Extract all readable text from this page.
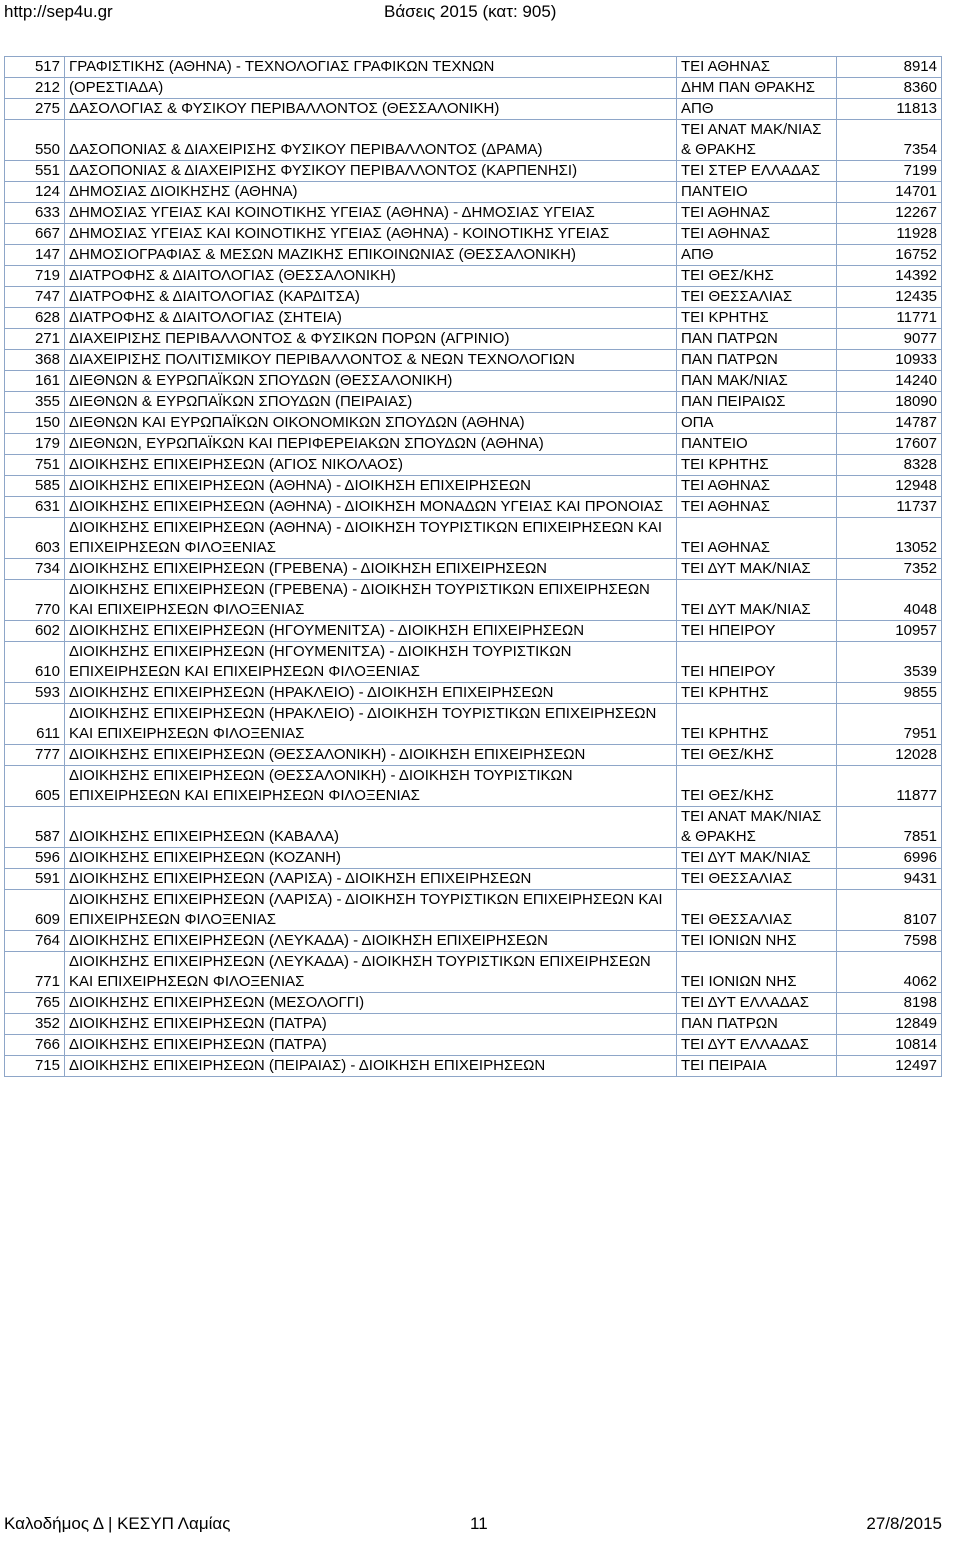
http://sep4u.gr	Βάσεις 2015 (κατ: 905)
517	ΓΡΑΦΙΣΤΙΚΗΣ (ΑΘΗΝΑ) - ΤΕΧΝΟΛΟΓΙΑΣ ΓΡΑΦΙΚΩΝ ΤΕΧΝΩΝ	ΤΕΙ ΑΘΗΝΑΣ	8914
212	(ΟΡΕΣΤΙΑΔΑ)	ΔΗΜ ΠΑΝ ΘΡΑΚΗΣ	8360
275	ΔΑΣΟΛΟΓΙΑΣ & ΦΥΣΙΚΟΥ ΠΕΡΙΒΑΛΛΟΝΤΟΣ (ΘΕΣΣΑΛΟΝΙΚΗ)	ΑΠΘ	11813
550	ΔΑΣΟΠΟΝΙΑΣ & ΔΙΑΧΕΙΡΙΣΗΣ ΦΥΣΙΚΟΥ ΠΕΡΙΒΑΛΛΟΝΤΟΣ (ΔΡΑΜΑ)	ΤΕΙ ΑΝΑΤ ΜΑΚ/ΝΙΑΣ & ΘΡΑΚΗΣ	7354
551	ΔΑΣΟΠΟΝΙΑΣ & ΔΙΑΧΕΙΡΙΣΗΣ ΦΥΣΙΚΟΥ ΠΕΡΙΒΑΛΛΟΝΤΟΣ (ΚΑΡΠΕΝΗΣΙ)	ΤΕΙ ΣΤΕΡ ΕΛΛΑΔΑΣ	7199
124	ΔΗΜΟΣΙΑΣ ΔΙΟΙΚΗΣΗΣ (ΑΘΗΝΑ)	ΠΑΝΤΕΙΟ	14701
633	ΔΗΜΟΣΙΑΣ ΥΓΕΙΑΣ ΚΑΙ ΚΟΙΝΟΤΙΚΗΣ ΥΓΕΙΑΣ (ΑΘΗΝΑ) - ΔΗΜΟΣΙΑΣ ΥΓΕΙΑΣ	ΤΕΙ ΑΘΗΝΑΣ	12267
667	ΔΗΜΟΣΙΑΣ ΥΓΕΙΑΣ ΚΑΙ ΚΟΙΝΟΤΙΚΗΣ ΥΓΕΙΑΣ (ΑΘΗΝΑ) - ΚΟΙΝΟΤΙΚΗΣ ΥΓΕΙΑΣ	ΤΕΙ ΑΘΗΝΑΣ	11928
147	ΔΗΜΟΣΙΟΓΡΑΦΙΑΣ & ΜΕΣΩΝ ΜΑΖΙΚΗΣ ΕΠΙΚΟΙΝΩΝΙΑΣ (ΘΕΣΣΑΛΟΝΙΚΗ)	ΑΠΘ	16752
719	ΔΙΑΤΡΟΦΗΣ & ΔΙΑΙΤΟΛΟΓΙΑΣ (ΘΕΣΣΑΛΟΝΙΚΗ)	ΤΕΙ ΘΕΣ/ΚΗΣ	14392
747	ΔΙΑΤΡΟΦΗΣ & ΔΙΑΙΤΟΛΟΓΙΑΣ (ΚΑΡΔΙΤΣΑ)	ΤΕΙ ΘΕΣΣΑΛΙΑΣ	12435
628	ΔΙΑΤΡΟΦΗΣ & ΔΙΑΙΤΟΛΟΓΙΑΣ (ΣΗΤΕΙΑ)	ΤΕΙ ΚΡΗΤΗΣ	11771
271	ΔΙΑΧΕΙΡΙΣΗΣ ΠΕΡΙΒΑΛΛΟΝΤΟΣ & ΦΥΣΙΚΩΝ ΠΟΡΩΝ (ΑΓΡΙΝΙΟ)	ΠΑΝ ΠΑΤΡΩΝ	9077
368	ΔΙΑΧΕΙΡΙΣΗΣ ΠΟΛΙΤΙΣΜΙΚΟΥ ΠΕΡΙΒΑΛΛΟΝΤΟΣ & ΝΕΩΝ ΤΕΧΝΟΛΟΓΙΩΝ	ΠΑΝ ΠΑΤΡΩΝ	10933
161	ΔΙΕΘΝΩΝ & ΕΥΡΩΠΑΪΚΩΝ ΣΠΟΥΔΩΝ (ΘΕΣΣΑΛΟΝΙΚΗ)	ΠΑΝ ΜΑΚ/ΝΙΑΣ	14240
355	ΔΙΕΘΝΩΝ & ΕΥΡΩΠΑΪΚΩΝ ΣΠΟΥΔΩΝ (ΠΕΙΡΑΙΑΣ)	ΠΑΝ ΠΕΙΡΑΙΩΣ	18090
150	ΔΙΕΘΝΩΝ ΚΑΙ ΕΥΡΩΠΑΪΚΩΝ ΟΙΚΟΝΟΜΙΚΩΝ ΣΠΟΥΔΩΝ (ΑΘΗΝΑ)	ΟΠΑ	14787
179	ΔΙΕΘΝΩΝ, ΕΥΡΩΠΑΪΚΩΝ ΚΑΙ ΠΕΡΙΦΕΡΕΙΑΚΩΝ ΣΠΟΥΔΩΝ (ΑΘΗΝΑ)	ΠΑΝΤΕΙΟ	17607
751	ΔΙΟΙΚΗΣΗΣ ΕΠΙΧΕΙΡΗΣΕΩΝ (ΑΓΙΟΣ ΝΙΚΟΛΑΟΣ)	ΤΕΙ ΚΡΗΤΗΣ	8328
585	ΔΙΟΙΚΗΣΗΣ ΕΠΙΧΕΙΡΗΣΕΩΝ (ΑΘΗΝΑ) - ΔΙΟΙΚΗΣΗ ΕΠΙΧΕΙΡΗΣΕΩΝ	ΤΕΙ ΑΘΗΝΑΣ	12948
631	ΔΙΟΙΚΗΣΗΣ ΕΠΙΧΕΙΡΗΣΕΩΝ (ΑΘΗΝΑ) - ΔΙΟΙΚΗΣΗ ΜΟΝΑΔΩΝ ΥΓΕΙΑΣ ΚΑΙ ΠΡΟΝΟΙΑΣ	ΤΕΙ ΑΘΗΝΑΣ	11737
603	ΔΙΟΙΚΗΣΗΣ ΕΠΙΧΕΙΡΗΣΕΩΝ (ΑΘΗΝΑ) - ΔΙΟΙΚΗΣΗ ΤΟΥΡΙΣΤΙΚΩΝ ΕΠΙΧΕΙΡΗΣΕΩΝ ΚΑΙ ΕΠΙΧΕΙΡΗΣΕΩΝ ΦΙΛΟΞΕΝΙΑΣ	ΤΕΙ ΑΘΗΝΑΣ	13052
734	ΔΙΟΙΚΗΣΗΣ ΕΠΙΧΕΙΡΗΣΕΩΝ (ΓΡΕΒΕΝΑ) - ΔΙΟΙΚΗΣΗ ΕΠΙΧΕΙΡΗΣΕΩΝ	ΤΕΙ ΔΥΤ ΜΑΚ/ΝΙΑΣ	7352
770	ΔΙΟΙΚΗΣΗΣ ΕΠΙΧΕΙΡΗΣΕΩΝ (ΓΡΕΒΕΝΑ) - ΔΙΟΙΚΗΣΗ ΤΟΥΡΙΣΤΙΚΩΝ ΕΠΙΧΕΙΡΗΣΕΩΝ ΚΑΙ ΕΠΙΧΕΙΡΗΣΕΩΝ ΦΙΛΟΞΕΝΙΑΣ	ΤΕΙ ΔΥΤ ΜΑΚ/ΝΙΑΣ	4048
602	ΔΙΟΙΚΗΣΗΣ ΕΠΙΧΕΙΡΗΣΕΩΝ (ΗΓΟΥΜΕΝΙΤΣΑ) - ΔΙΟΙΚΗΣΗ ΕΠΙΧΕΙΡΗΣΕΩΝ	ΤΕΙ ΗΠΕΙΡΟΥ	10957
610	ΔΙΟΙΚΗΣΗΣ ΕΠΙΧΕΙΡΗΣΕΩΝ (ΗΓΟΥΜΕΝΙΤΣΑ) - ΔΙΟΙΚΗΣΗ ΤΟΥΡΙΣΤΙΚΩΝ ΕΠΙΧΕΙΡΗΣΕΩΝ ΚΑΙ ΕΠΙΧΕΙΡΗΣΕΩΝ ΦΙΛΟΞΕΝΙΑΣ	ΤΕΙ ΗΠΕΙΡΟΥ	3539
593	ΔΙΟΙΚΗΣΗΣ ΕΠΙΧΕΙΡΗΣΕΩΝ (ΗΡΑΚΛΕΙΟ) - ΔΙΟΙΚΗΣΗ ΕΠΙΧΕΙΡΗΣΕΩΝ	ΤΕΙ ΚΡΗΤΗΣ	9855
611	ΔΙΟΙΚΗΣΗΣ ΕΠΙΧΕΙΡΗΣΕΩΝ (ΗΡΑΚΛΕΙΟ) - ΔΙΟΙΚΗΣΗ ΤΟΥΡΙΣΤΙΚΩΝ ΕΠΙΧΕΙΡΗΣΕΩΝ ΚΑΙ ΕΠΙΧΕΙΡΗΣΕΩΝ ΦΙΛΟΞΕΝΙΑΣ	ΤΕΙ ΚΡΗΤΗΣ	7951
777	ΔΙΟΙΚΗΣΗΣ ΕΠΙΧΕΙΡΗΣΕΩΝ (ΘΕΣΣΑΛΟΝΙΚΗ) - ΔΙΟΙΚΗΣΗ ΕΠΙΧΕΙΡΗΣΕΩΝ	ΤΕΙ ΘΕΣ/ΚΗΣ	12028
605	ΔΙΟΙΚΗΣΗΣ ΕΠΙΧΕΙΡΗΣΕΩΝ (ΘΕΣΣΑΛΟΝΙΚΗ) - ΔΙΟΙΚΗΣΗ ΤΟΥΡΙΣΤΙΚΩΝ ΕΠΙΧΕΙΡΗΣΕΩΝ ΚΑΙ ΕΠΙΧΕΙΡΗΣΕΩΝ ΦΙΛΟΞΕΝΙΑΣ	ΤΕΙ ΘΕΣ/ΚΗΣ	11877
587	ΔΙΟΙΚΗΣΗΣ ΕΠΙΧΕΙΡΗΣΕΩΝ (ΚΑΒΑΛΑ)	ΤΕΙ ΑΝΑΤ ΜΑΚ/ΝΙΑΣ & ΘΡΑΚΗΣ	7851
596	ΔΙΟΙΚΗΣΗΣ ΕΠΙΧΕΙΡΗΣΕΩΝ (ΚΟΖΑΝΗ)	ΤΕΙ ΔΥΤ ΜΑΚ/ΝΙΑΣ	6996
591	ΔΙΟΙΚΗΣΗΣ ΕΠΙΧΕΙΡΗΣΕΩΝ (ΛΑΡΙΣΑ) - ΔΙΟΙΚΗΣΗ ΕΠΙΧΕΙΡΗΣΕΩΝ	ΤΕΙ ΘΕΣΣΑΛΙΑΣ	9431
609	ΔΙΟΙΚΗΣΗΣ ΕΠΙΧΕΙΡΗΣΕΩΝ (ΛΑΡΙΣΑ) - ΔΙΟΙΚΗΣΗ ΤΟΥΡΙΣΤΙΚΩΝ ΕΠΙΧΕΙΡΗΣΕΩΝ ΚΑΙ ΕΠΙΧΕΙΡΗΣΕΩΝ ΦΙΛΟΞΕΝΙΑΣ	ΤΕΙ ΘΕΣΣΑΛΙΑΣ	8107
764	ΔΙΟΙΚΗΣΗΣ ΕΠΙΧΕΙΡΗΣΕΩΝ (ΛΕΥΚΑΔΑ) - ΔΙΟΙΚΗΣΗ ΕΠΙΧΕΙΡΗΣΕΩΝ	ΤΕΙ ΙΟΝΙΩΝ ΝΗΣ	7598
771	ΔΙΟΙΚΗΣΗΣ ΕΠΙΧΕΙΡΗΣΕΩΝ (ΛΕΥΚΑΔΑ) - ΔΙΟΙΚΗΣΗ ΤΟΥΡΙΣΤΙΚΩΝ ΕΠΙΧΕΙΡΗΣΕΩΝ ΚΑΙ ΕΠΙΧΕΙΡΗΣΕΩΝ ΦΙΛΟΞΕΝΙΑΣ	ΤΕΙ ΙΟΝΙΩΝ ΝΗΣ	4062
765	ΔΙΟΙΚΗΣΗΣ ΕΠΙΧΕΙΡΗΣΕΩΝ (ΜΕΣΟΛΟΓΓΙ)	ΤΕΙ ΔΥΤ ΕΛΛΑΔΑΣ	8198
352	ΔΙΟΙΚΗΣΗΣ ΕΠΙΧΕΙΡΗΣΕΩΝ (ΠΑΤΡΑ)	ΠΑΝ ΠΑΤΡΩΝ	12849
766	ΔΙΟΙΚΗΣΗΣ ΕΠΙΧΕΙΡΗΣΕΩΝ (ΠΑΤΡΑ)	ΤΕΙ ΔΥΤ ΕΛΛΑΔΑΣ	10814
715	ΔΙΟΙΚΗΣΗΣ ΕΠΙΧΕΙΡΗΣΕΩΝ (ΠΕΙΡΑΙΑΣ) - ΔΙΟΙΚΗΣΗ ΕΠΙΧΕΙΡΗΣΕΩΝ	ΤΕΙ ΠΕΙΡΑΙΑ	12497
Καλοδήμος Δ | ΚΕΣΥΠ Λαμίας	11	27/8/2015
